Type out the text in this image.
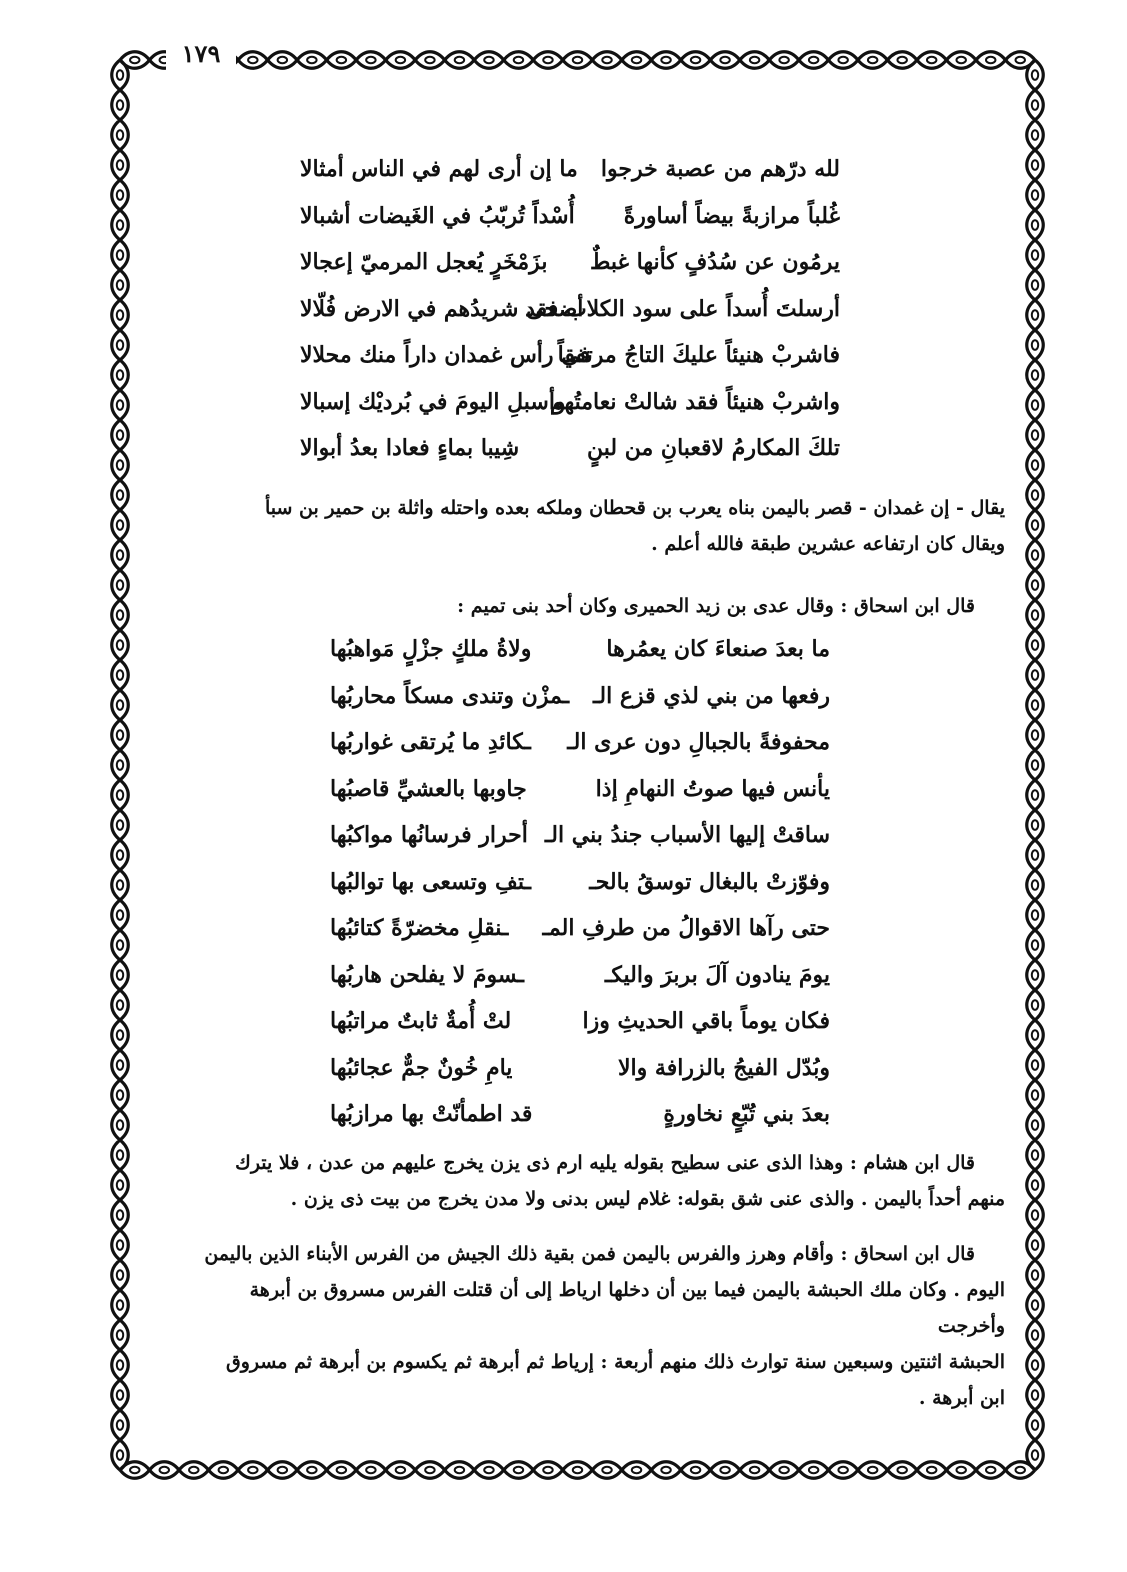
١٧٩
لله درّهم من عصبة خرجوا
ما إن أرى لهم في الناس أمثالا
غُلباً مرازبةً بيضاً أساورةً
أُسْداً تُربّبُ في الغَيضات أشبالا
يرمُون عن سُدُفٍ كأنها غبطٌ
بزَمْخَرٍ يُعجل المرميّ إعجالا
أرسلتَ أُسداً على سود الكلاب فقد
أضحى شريدُهم في الارض فُلّالا
فاشربْ هنيئاً عليكَ التاجُ مرتفقاً
في رأس غمدان داراً منك محلالا
واشربْ هنيئاً فقد شالتْ نعامتُهم
وأسبلِ اليومَ في بُرديْك إسبالا
تلكَ المكارمُ لاقعبانِ من لبنٍ
شِيبا بماءٍ فعادا بعدُ أبوالا

يقال - إن غمدان - قصر باليمن بناه يعرب بن قحطان وملكه بعده واحتله واثلة بن حمير بن سبأ

ويقال كان ارتفاعه عشرين طبقة فالله أعلم .

قال ابن اسحاق : وقال عدى بن زيد الحميرى وكان أحد بنى تميم :

ما بعدَ صنعاءَ كان يعمُرها
ولاةُ ملكٍ جزْلٍ مَواهبُها
رفعها من بني لذي قزع الـ
ـمزْن وتندى مسكاً محاربُها
محفوفةً بالجبالِ دون عرى الـ
ـكائدِ ما يُرتقى غواربُها
يأنس فيها صوتُ النهامِ إذا
جاوبها بالعشيِّ قاصبُها
ساقتْ إليها الأسباب جندُ بني الـ
أحرار فرسانُها مواكبُها
وفوّزتْ بالبغال توسقُ بالحـ
ـتفِ وتسعى بها توالبُها
حتى رآها الاقوالُ من طرفِ المـ
ـنقلِ مخضرّةً كتائبُها
يومَ ينادون آلَ بربرَ واليكـ
ـسومَ لا يفلحن هاربُها
فكان يوماً باقي الحديثِ وزا
لتْ أُمةٌ ثابتٌ مراتبُها
وبُدّل الفيجُ بالزرافة والا
يامِ خُونٌ جمٌّ عجائبُها
بعدَ بني تُبّعٍ نخاورةٍ
قد اطمأنّتْ بها مرازبُها

قال ابن هشام : وهذا الذى عنى سطيح بقوله يليه ارم ذى يزن يخرج عليهم من عدن ، فلا يترك

منهم أحداً باليمن . والذى عنى شق بقوله: غلام ليس بدنى ولا مدن يخرج من بيت ذى يزن .

قال ابن اسحاق : وأقام وهرز والفرس باليمن فمن بقية ذلك الجيش من الفرس الأبناء الذين باليمن

اليوم . وكان ملك الحبشة باليمن فيما بين أن دخلها ارياط إلى أن قتلت الفرس مسروق بن أبرهة وأخرجت

الحبشة اثنتين وسبعين سنة توارث ذلك منهم أربعة : إرياط ثم أبرهة ثم يكسوم بن أبرهة ثم مسروق

ابن أبرهة .
